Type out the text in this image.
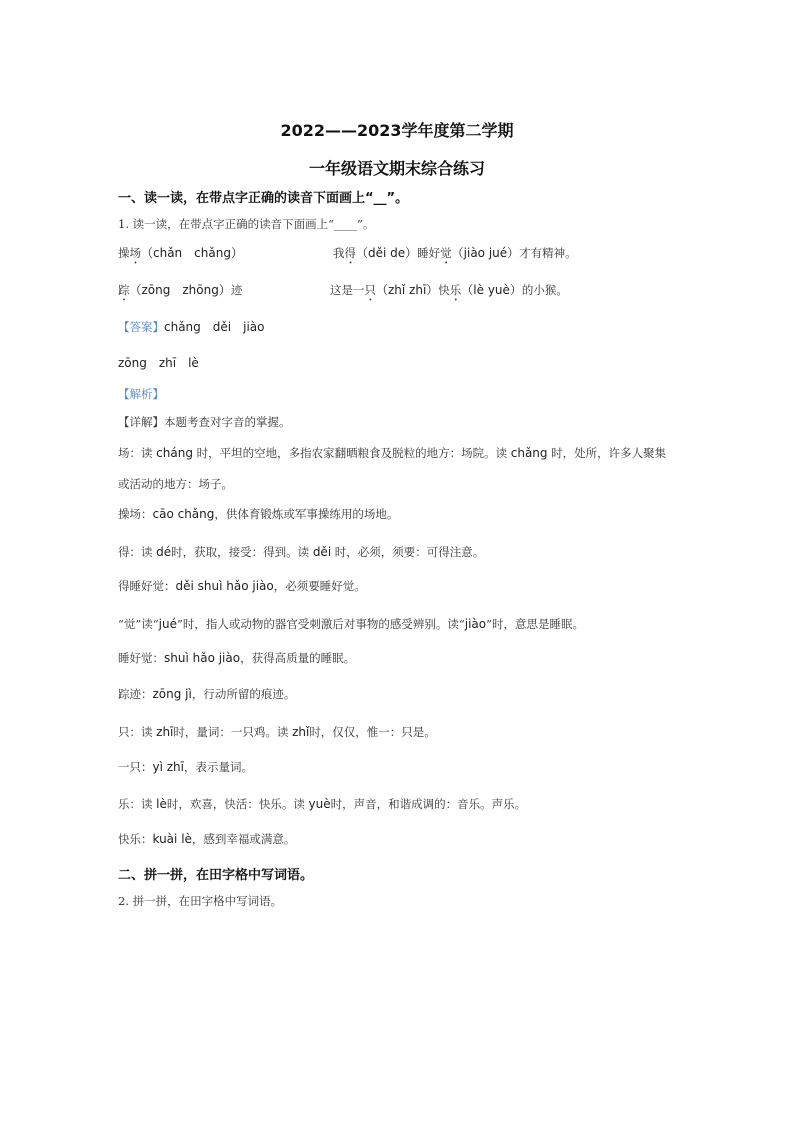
2022——2023学年度第二学期
一年级语文期末综合练习
一、读一读，在带点字正确的读音下面画上“__”。
1. 读一读，在带点字正确的读音下面画上“____”。
操场（chǎn　chǎng）	我得（děi de）睡好觉（jiào jué）才有精神。
踪（zōng　zhōng）迹	这是一只（zhǐ zhī）快乐（lè yuè）的小猴。
【答案】chǎng　děi　jiào
zōng　zhī　lè
【解析】
【详解】本题考查对字音的掌握。
场：读 cháng 时，平坦的空地，多指农家翻晒粮食及脱粒的地方：场院。读 chǎng 时，处所，许多人聚集
或活动的地方：场子。
操场：cāo chǎng，供体育锻炼或军事操练用的场地。
得：读 dé时，获取，接受：得到。读 děi 时，必须，须要：可得注意。
得睡好觉：děi shuì hǎo jiào，必须要睡好觉。
“觉”读“jué”时，指人或动物的器官受刺激后对事物的感受辨别。读“jiào”时，意思是睡眠。
睡好觉：shuì hǎo jiào，获得高质量的睡眠。
踪迹：zōng jì，行动所留的痕迹。
只：读 zhī时，量词：一只鸡。读 zhǐ时，仅仅，惟一：只是。
一只：yì zhī，表示量词。
乐：读 lè时，欢喜，快活：快乐。读 yuè时，声音，和谐成调的：音乐。声乐。
快乐：kuài lè，感到幸福或满意。
二、拼一拼，在田字格中写词语。
2. 拼一拼，在田字格中写词语。
